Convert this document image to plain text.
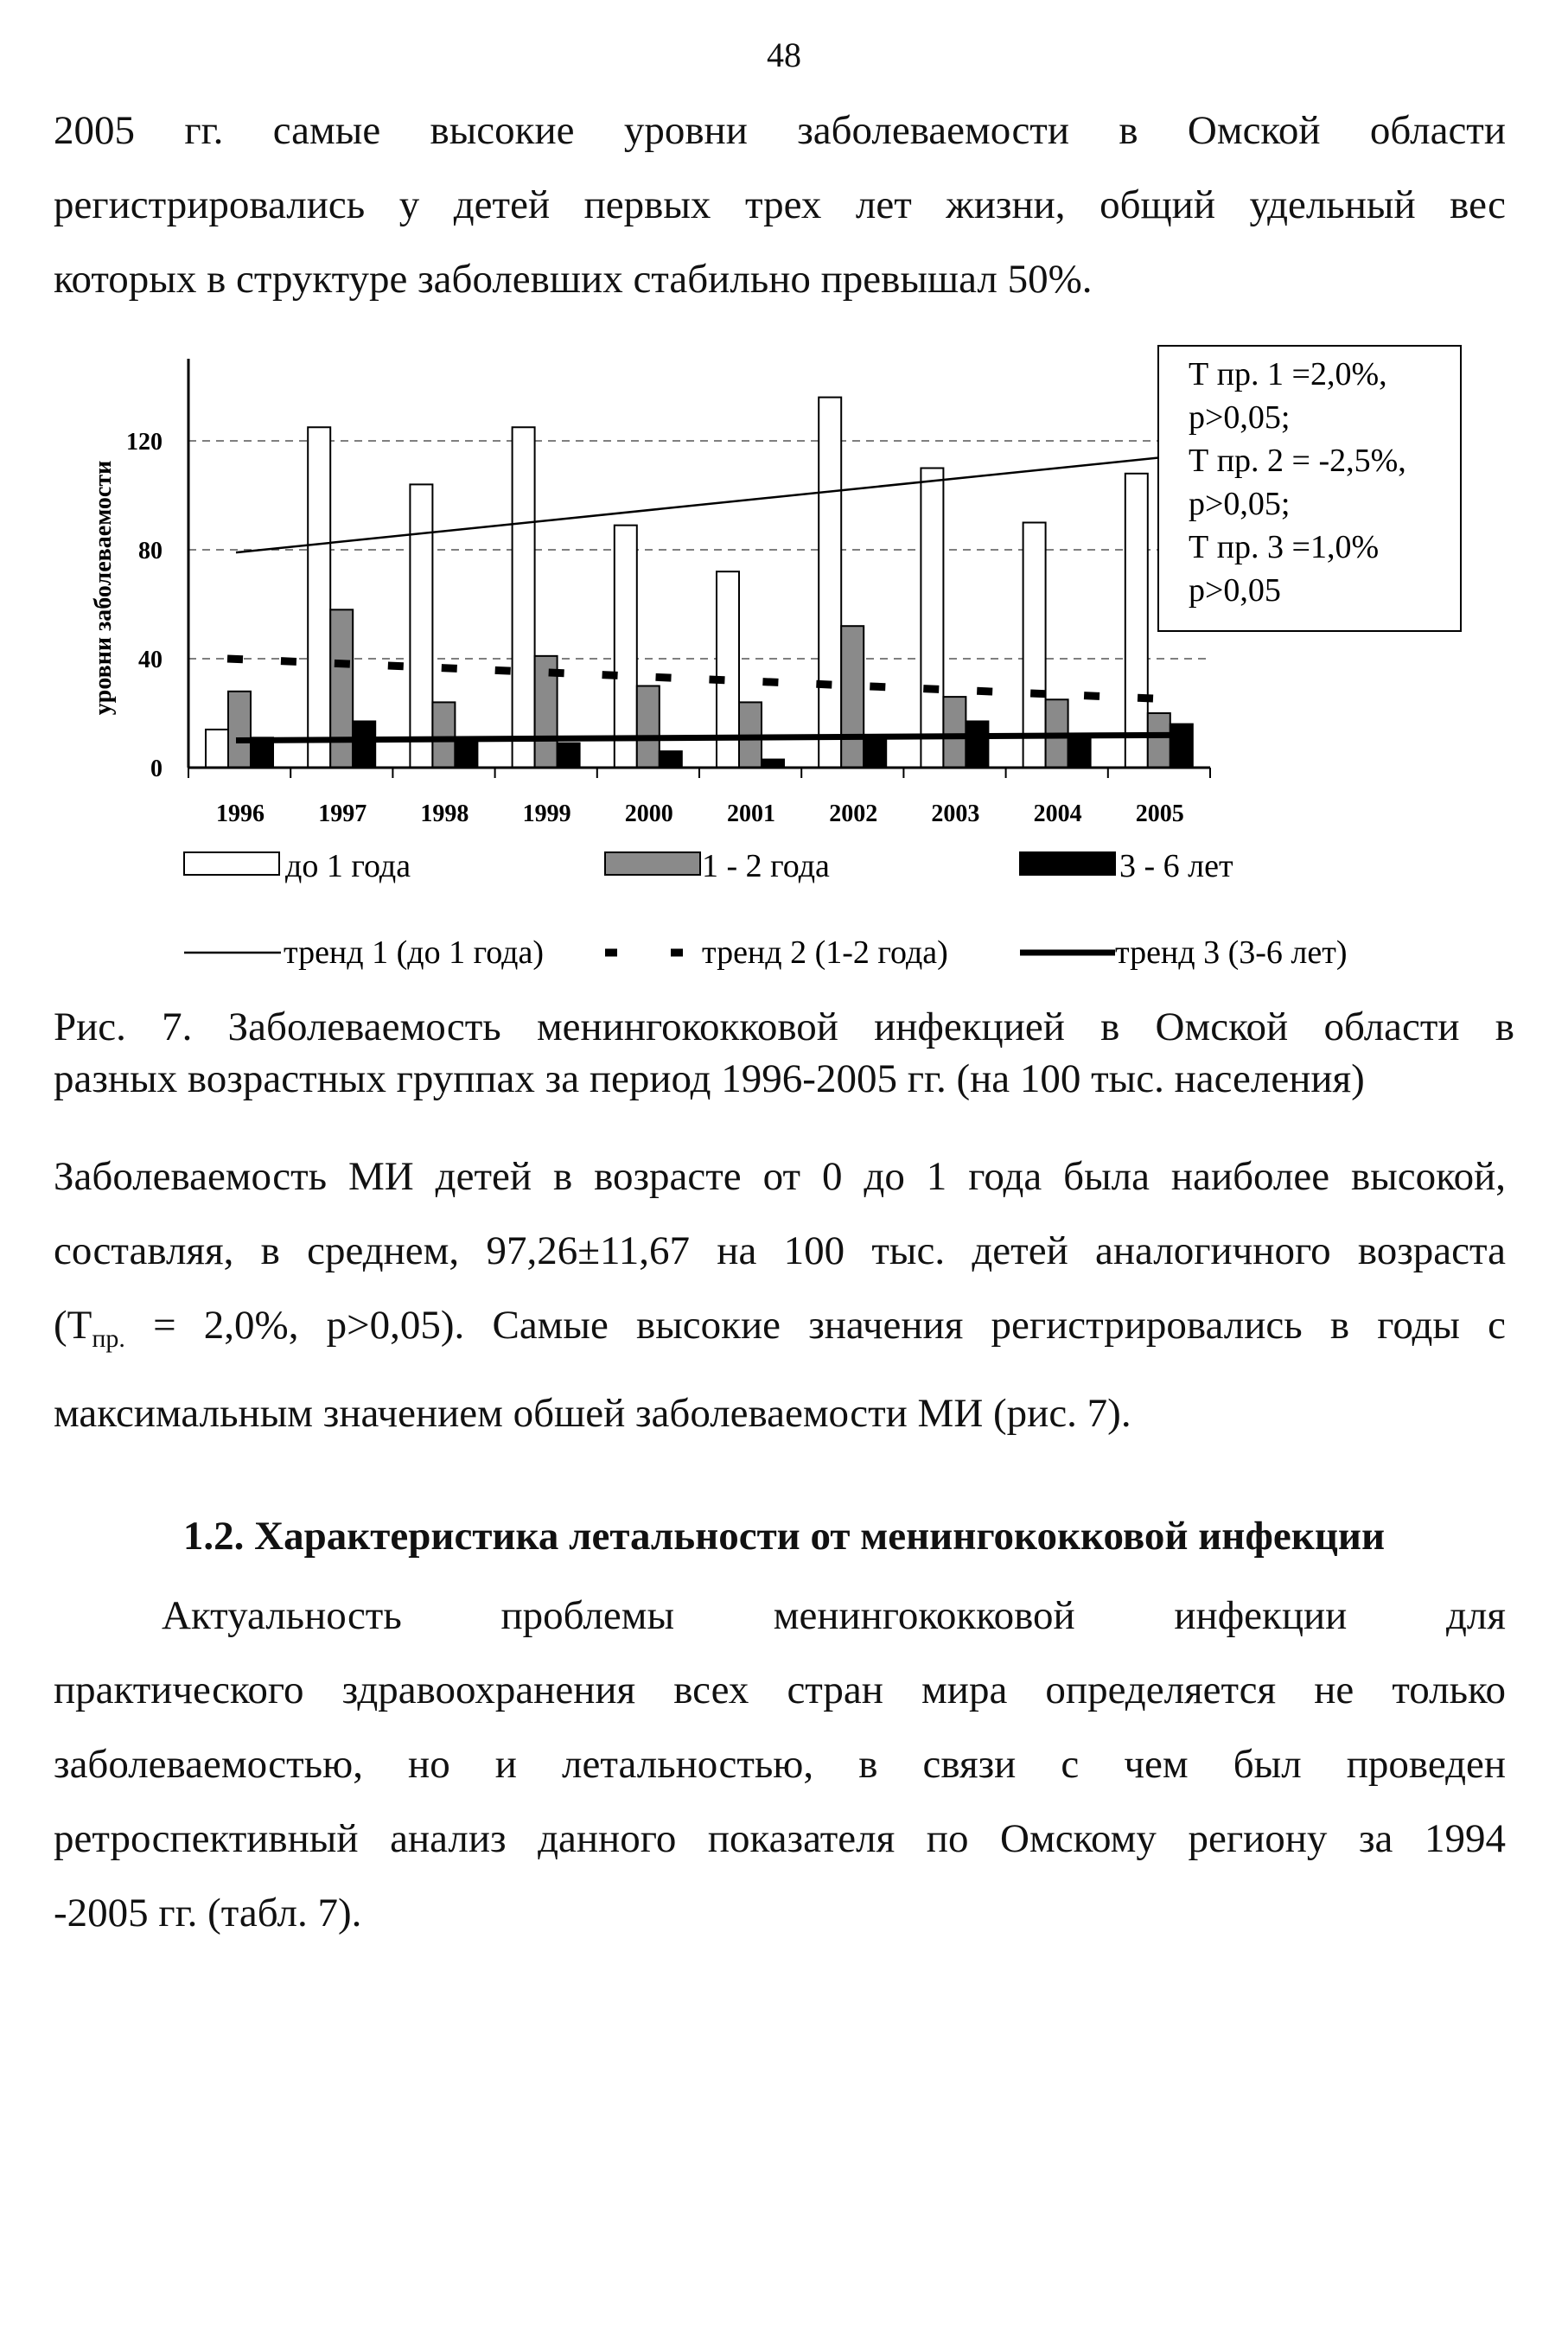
48
2005 гг. самые высокие уровни заболеваемости в Омской области
регистрировались у детей первых трех лет жизни, общий удельный вес
которых в структуре заболевших стабильно превышал 50%.
0
40
80
120
1996 1997 1998 1999 2000 2001 2002 2003 2004 2005
уровни заболеваемости
Т пр. 1 =2,0%,
p>0,05;
Т пр. 2 = -2,5%,
p>0,05;
Т пр. 3 =1,0%
p>0,05
до 1 года	1 - 2 года	3 - 6 лет
тренд 1 (до 1 года)	тренд 2 (1-2 года)	тренд 3 (3-6 лет)
Рис. 7. Заболеваемость менингококковой инфекцией в Омской области в
разных возрастных группах за период 1996-2005 гг. (на 100 тыс. населения)
Заболеваемость МИ детей в возрасте от 0 до 1 года была наиболее высокой,
составляя, в среднем, 97,26±11,67 на 100 тыс. детей аналогичного возраста
($Т_{пр.} = 2,0\%$, p>0,05). Самые высокие значения регистрировались в годы с
максимальным значением обшей заболеваемости МИ (рис. 7).
1.2. Характеристика летальности от менингококковой инфекции
Актуальность проблемы менингококковой инфекции для
практического здравоохранения всех стран мира определяется не только
заболеваемостью, но и летальностью, в связи с чем был проведен
ретроспективный анализ данного показателя по Омскому региону за 1994
-2005 гг. (табл. 7).
